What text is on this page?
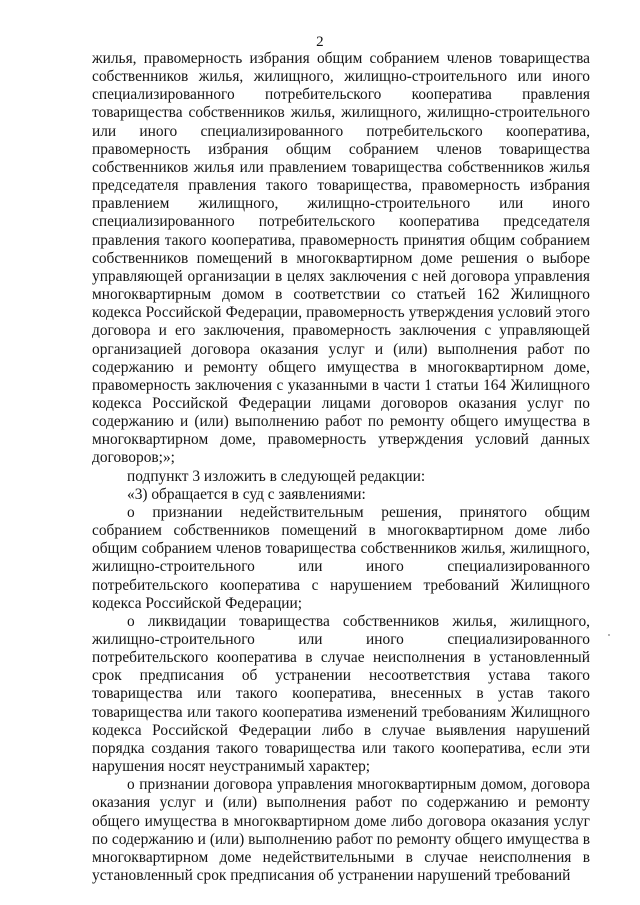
2

жилья, правомерность избрания общим собранием членов товарищества собственников жилья, жилищного, жилищно-строительного или иного специализированного потребительского кооператива правления товарищества собственников жилья, жилищного, жилищно-строительного или иного специализированного потребительского кооператива, правомерность избрания общим собранием членов товарищества собственников жилья или правлением товарищества собственников жилья председателя правления такого товарищества, правомерность избрания правлением жилищного, жилищно-строительного или иного специализированного потребительского кооператива председателя правления такого кооператива, правомерность принятия общим собранием собственников помещений в многоквартирном доме решения о выборе управляющей организации в целях заключения с ней договора управления многоквартирным домом в соответствии со статьей 162 Жилищного кодекса Российской Федерации, правомерность утверждения условий этого договора и его заключения, правомерность заключения с управляющей организацией договора оказания услуг и (или) выполнения работ по содержанию и ремонту общего имущества в многоквартирном доме, правомерность заключения с указанными в части 1 статьи 164 Жилищного кодекса Российской Федерации лицами договоров оказания услуг по содержанию и (или) выполнению работ по ремонту общего имущества в многоквартирном доме, правомерность утверждения условий данных договоров;»;

подпункт 3 изложить в следующей редакции:

«3) обращается в суд с заявлениями:

о признании недействительным решения, принятого общим собранием собственников помещений в многоквартирном доме либо общим собранием членов товарищества собственников жилья, жилищного, жилищно-строительного или иного специализированного потребительского кооператива с нарушением требований Жилищного кодекса Российской Федерации;

о ликвидации товарищества собственников жилья, жилищного, жилищно-строительного или иного специализированного потребительского кооператива в случае неисполнения в установленный срок предписания об устранении несоответствия устава такого товарищества или такого кооператива, внесенных в устав такого товарищества или такого кооператива изменений требованиям Жилищного кодекса Российской Федерации либо в случае выявления нарушений порядка создания такого товарищества или такого кооператива, если эти нарушения носят неустранимый характер;

о признании договора управления многоквартирным домом, договора оказания услуг и (или) выполнения работ по содержанию и ремонту общего имущества в многоквартирном доме либо договора оказания услуг по содержанию и (или) выполнению работ по ремонту общего имущества в многоквартирном доме недействительными в случае неисполнения в установленный срок предписания об устранении нарушений требований
